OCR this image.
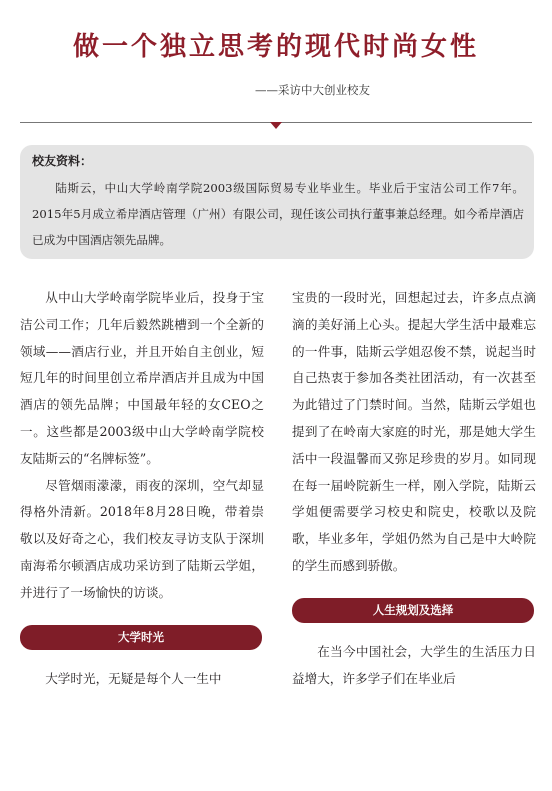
做一个独立思考的现代时尚女性
——采访中大创业校友
校友资料：

陆斯云，中山大学岭南学院2003级国际贸易专业毕业生。毕业后于宝洁公司工作7年。2015年5月成立希岸酒店管理（广州）有限公司，现任该公司执行董事兼总经理。如今希岸酒店已成为中国酒店领先品牌。

从中山大学岭南学院毕业后，投身于宝洁公司工作；几年后毅然跳槽到一个全新的领域——酒店行业，并且开始自主创业，短短几年的时间里创立希岸酒店并且成为中国酒店的领先品牌；中国最年轻的女CEO之一。这些都是2003级中山大学岭南学院校友陆斯云的“名牌标签”。

尽管烟雨濛濛，雨夜的深圳，空气却显得格外清新。2018年8月28日晚，带着崇敬以及好奇之心，我们校友寻访支队于深圳南海希尔顿酒店成功采访到了陆斯云学姐，并进行了一场愉快的访谈。

大学时光

大学时光，无疑是每个人一生中

宝贵的一段时光，回想起过去，许多点点滴滴的美好涌上心头。提起大学生活中最难忘的一件事，陆斯云学姐忍俊不禁，说起当时自己热衷于参加各类社团活动，有一次甚至为此错过了门禁时间。当然，陆斯云学姐也提到了在岭南大家庭的时光，那是她大学生活中一段温馨而又弥足珍贵的岁月。如同现在每一届岭院新生一样，刚入学院，陆斯云学姐便需要学习校史和院史，校歌以及院歌，毕业多年，学姐仍然为自己是中大岭院的学生而感到骄傲。

人生规划及选择

在当今中国社会，大学生的生活压力日益增大，许多学子们在毕业后
